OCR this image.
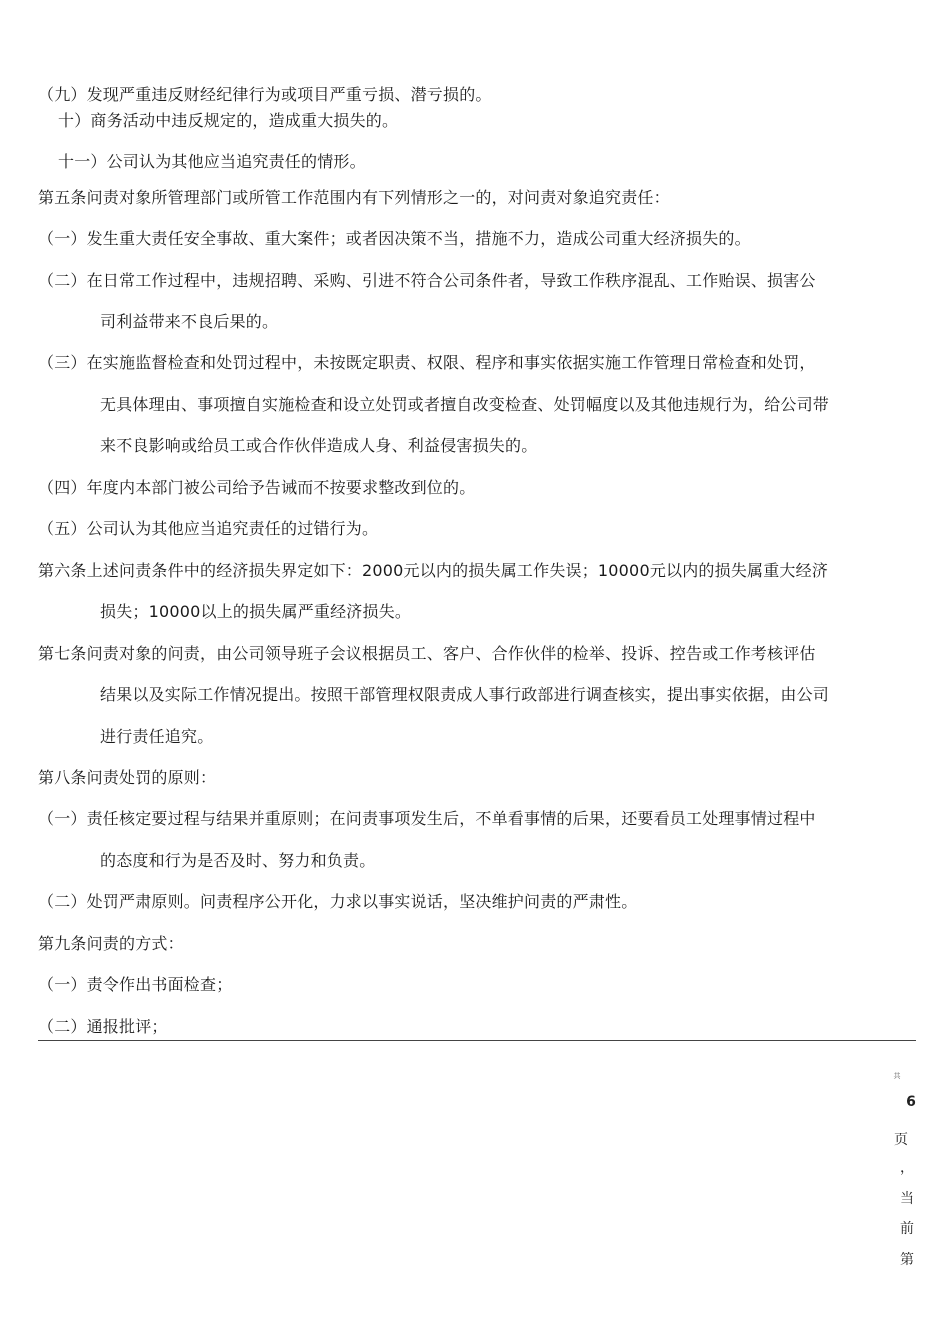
（九）发现严重违反财经纪律行为或项目严重亏损、潜亏损的。
十）商务活动中违反规定的，造成重大损失的。
十一）公司认为其他应当追究责任的情形。
第五条问责对象所管理部门或所管工作范围内有下列情形之一的，对问责对象追究责任：
（一）发生重大责任安全事故、重大案件；或者因决策不当，措施不力，造成公司重大经济损失的。
（二）在日常工作过程中，违规招聘、采购、引进不符合公司条件者，导致工作秩序混乱、工作贻误、损害公
司利益带来不良后果的。
（三）在实施监督检查和处罚过程中，未按既定职责、权限、程序和事实依据实施工作管理日常检查和处罚，
无具体理由、事项擅自实施检查和设立处罚或者擅自改变检查、处罚幅度以及其他违规行为，给公司带
来不良影响或给员工或合作伙伴造成人身、利益侵害损失的。
（四）年度内本部门被公司给予告诫而不按要求整改到位的。
（五）公司认为其他应当追究责任的过错行为。
第六条上述问责条件中的经济损失界定如下：2000元以内的损失属工作失误；10000元以内的损失属重大经济
损失；10000以上的损失属严重经济损失。
第七条问责对象的问责，由公司领导班子会议根据员工、客户、合作伙伴的检举、投诉、控告或工作考核评估
结果以及实际工作情况提出。按照干部管理权限责成人事行政部进行调查核实，提出事实依据，由公司
进行责任追究。
第八条问责处罚的原则：
（一）责任核定要过程与结果并重原则；在问责事项发生后，不单看事情的后果，还要看员工处理事情过程中
的态度和行为是否及时、努力和负责。
（二）处罚严肃原则。问责程序公开化，力求以事实说话，坚决维护问责的严肃性。
第九条问责的方式：
（一）责令作出书面检查；
（二）通报批评；
共
6
页
，
当
前
第
